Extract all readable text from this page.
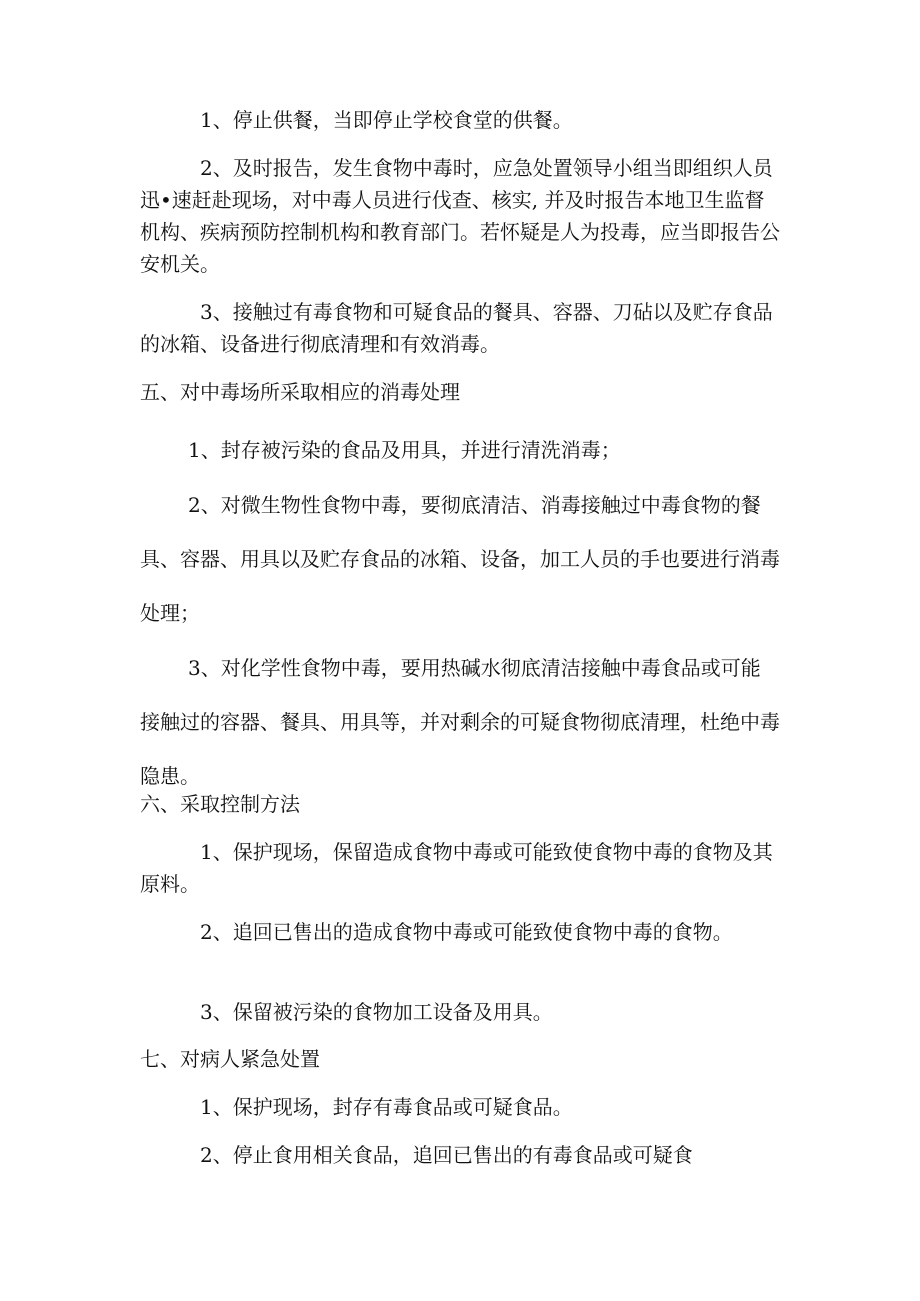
1、停止供餐，当即停止学校食堂的供餐。

2、及时报告，发生食物中毒时，应急处置领导小组当即组织人员迅•速赶赴现场，对中毒人员进行伐查、核实, 并及时报告本地卫生监督机构、疾病预防控制机构和教育部门。若怀疑是人为投毒，应当即报告公安机关。

3、接触过有毒食物和可疑食品的餐具、容器、刀砧以及贮存食品的冰箱、设备进行彻底清理和有效消毒。

五、对中毒场所采取相应的消毒处理

1、封存被污染的食品及用具，并进行清洗消毒；

2、对微生物性食物中毒，要彻底清洁、消毒接触过中毒食物的餐具、容器、用具以及贮存食品的冰箱、设备，加工人员的手也要进行消毒处理；

3、对化学性食物中毒，要用热碱水彻底清洁接触中毒食品或可能接触过的容器、餐具、用具等，并对剩余的可疑食物彻底清理，杜绝中毒隐患。

六、采取控制方法

1、保护现场，保留造成食物中毒或可能致使食物中毒的食物及其原料。

2、追回已售出的造成食物中毒或可能致使食物中毒的食物。

3、保留被污染的食物加工设备及用具。

七、对病人紧急处置

1、保护现场，封存有毒食品或可疑食品。

2、停止食用相关食品，追回已售出的有毒食品或可疑食
